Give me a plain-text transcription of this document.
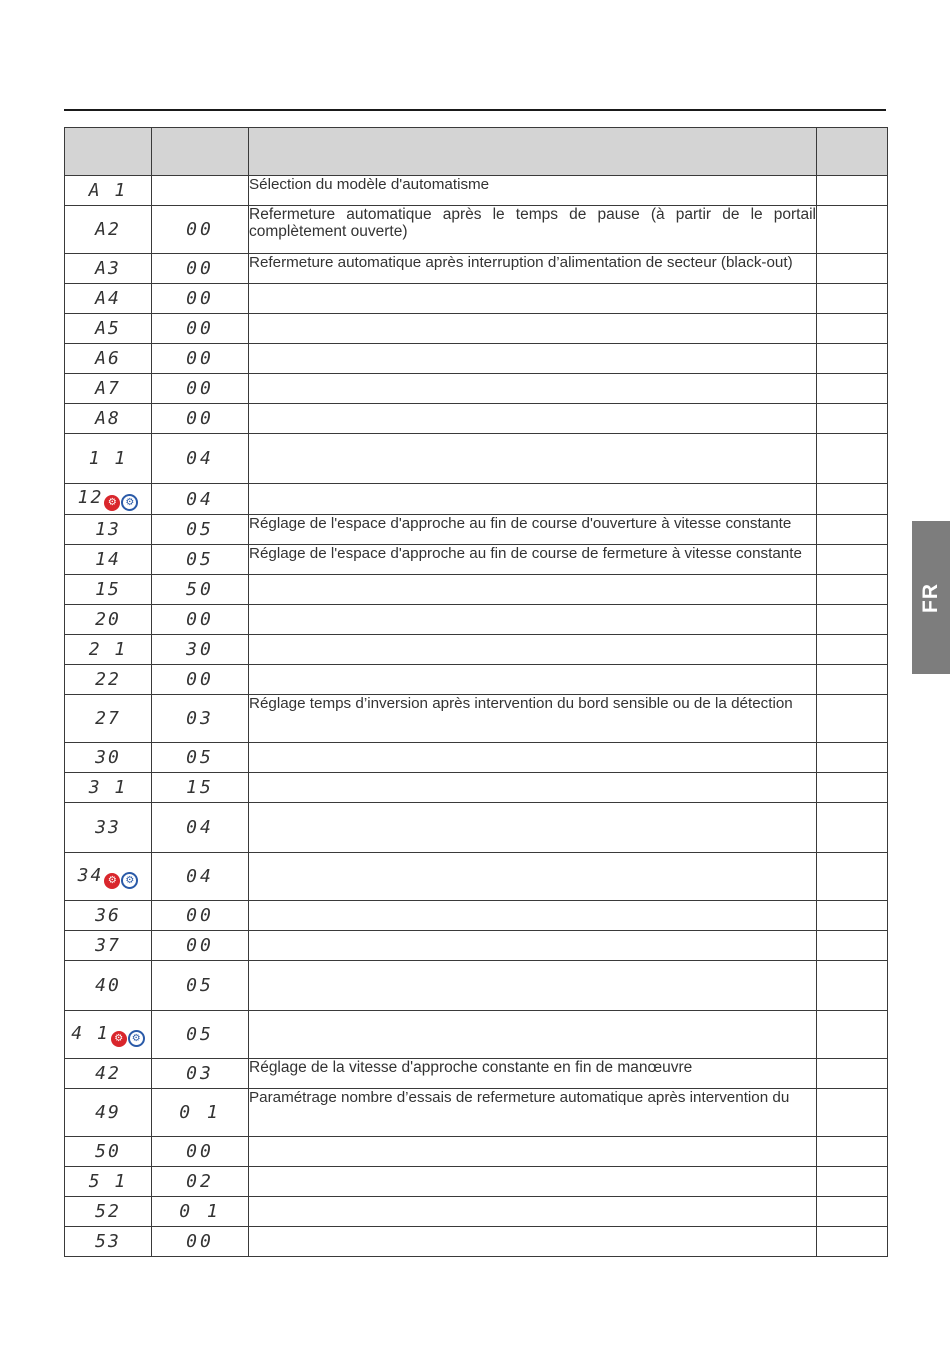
FR

A 1		Sélection du modèle d'automatisme	
A2	00	Refermeture automatique après le temps de pause (à partir de le portail complètement ouverte)	
A3	00	Refermeture automatique après interruption d’alimentation de secteur (black-out)	
A4	00		
A5	00		
A6	00		
A7	00		
A8	00		
1 1	04		
12 ⚙ ⚙	04		
13	05	Réglage de l'espace d'approche au fin de course d'ouverture à vitesse constante	
14	05	Réglage de l'espace d'approche au fin de course de fermeture à vitesse constante	
15	50		
20	00		
2 1	30		
22	00		
27	03	Réglage temps d’inversion après intervention du bord sensible ou de la détection	
30	05		
3 1	15		
33	04		
34 ⚙ ⚙	04		
36	00		
37	00		
40	05		
4 1 ⚙ ⚙	05		
42	03	Réglage de la vitesse d'approche constante en fin de manœuvre	
49	0 1	Paramétrage nombre d’essais de refermeture automatique après intervention du	
50	00		
5 1	02		
52	0 1		
53	00		
